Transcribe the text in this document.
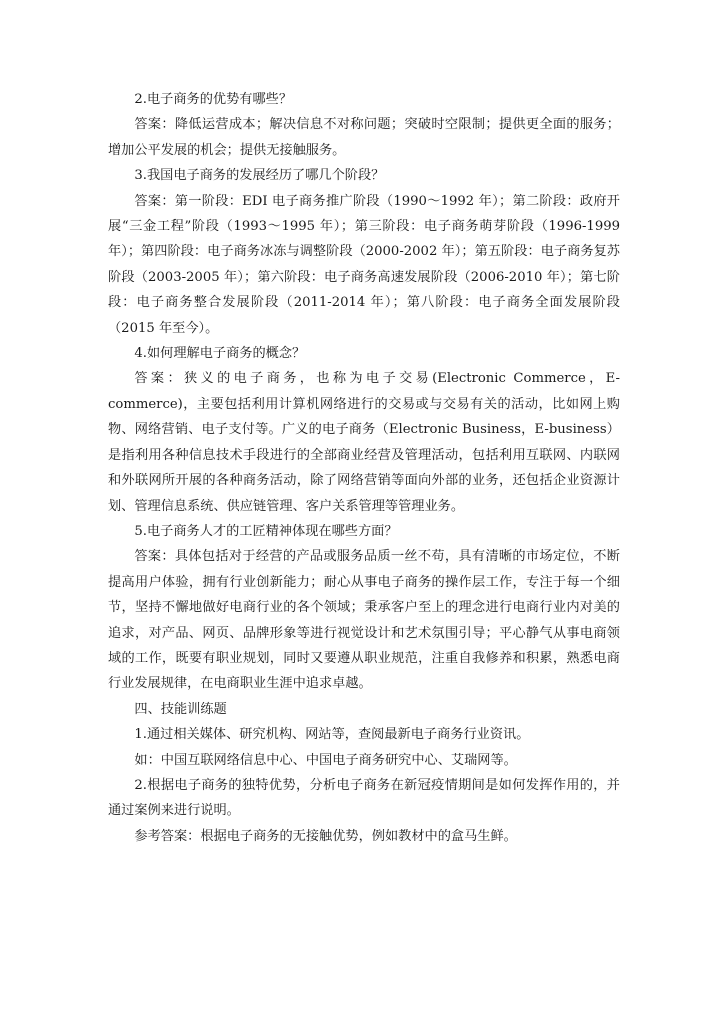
2.电子商务的优势有哪些？

答案：降低运营成本；解决信息不对称问题；突破时空限制；提供更全面的服务；增加公平发展的机会；提供无接触服务。

3.我国电子商务的发展经历了哪几个阶段？

答案：第一阶段：EDI 电子商务推广阶段（1990～1992 年）；第二阶段：政府开展“三金工程”阶段（1993～1995 年）；第三阶段：电子商务萌芽阶段（1996-1999 年）；第四阶段：电子商务冰冻与调整阶段（2000-2002 年）；第五阶段：电子商务复苏阶段（2003-2005 年）；第六阶段：电子商务高速发展阶段（2006-2010 年）；第七阶段：电子商务整合发展阶段（2011-2014 年）；第八阶段：电子商务全面发展阶段（2015 年至今）。

4.如何理解电子商务的概念？

答案：狭义的电子商务，也称为电子交易(Electronic Commerce，E-commerce)，主要包括利用计算机网络进行的交易或与交易有关的活动，比如网上购物、网络营销、电子支付等。广义的电子商务（Electronic Business，E-business）是指利用各种信息技术手段进行的全部商业经营及管理活动，包括利用互联网、内联网和外联网所开展的各种商务活动，除了网络营销等面向外部的业务，还包括企业资源计划、管理信息系统、供应链管理、客户关系管理等管理业务。

5.电子商务人才的工匠精神体现在哪些方面？

答案：具体包括对于经营的产品或服务品质一丝不苟，具有清晰的市场定位，不断提高用户体验，拥有行业创新能力；耐心从事电子商务的操作层工作，专注于每一个细节，坚持不懈地做好电商行业的各个领域；秉承客户至上的理念进行电商行业内对美的追求，对产品、网页、品牌形象等进行视觉设计和艺术氛围引导；平心静气从事电商领域的工作，既要有职业规划，同时又要遵从职业规范，注重自我修养和积累，熟悉电商行业发展规律，在电商职业生涯中追求卓越。

四、技能训练题

1.通过相关媒体、研究机构、网站等，查阅最新电子商务行业资讯。

如：中国互联网络信息中心、中国电子商务研究中心、艾瑞网等。

2.根据电子商务的独特优势，分析电子商务在新冠疫情期间是如何发挥作用的，并通过案例来进行说明。

参考答案：根据电子商务的无接触优势，例如教材中的盒马生鲜。
